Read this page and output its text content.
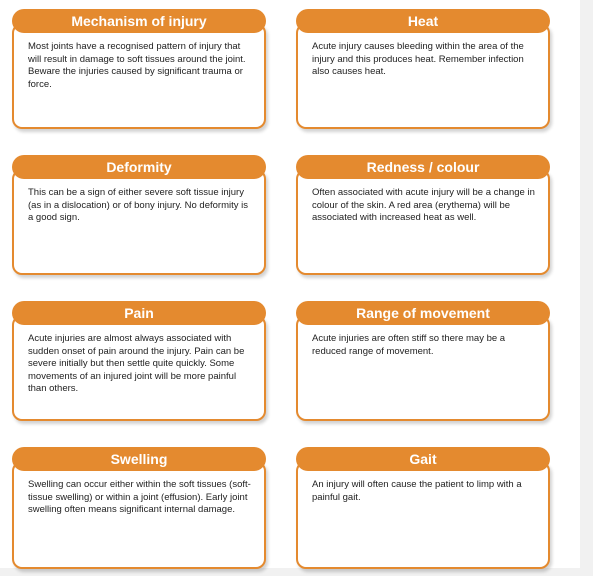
Mechanism of injury
Most joints have a recognised pattern of injury that will result in damage to soft tissues around the joint. Beware the injuries caused by significant trauma or force.
Heat
Acute injury causes bleeding within the area of the injury and this produces heat. Remember infection also causes heat.
Deformity
This can be a sign of either severe soft tissue injury (as in a dislocation) or of bony injury. No deformity is a good sign.
Redness / colour
Often associated with acute injury will be a change in colour of the skin. A red area (erythema) will be associated with increased heat as well.
Pain
Acute injuries are almost always associated with sudden onset of pain around the injury. Pain can be severe initially but then settle quite quickly. Some movements of an injured joint will be more painful than others.
Range of movement
Acute injuries are often stiff so there may be a reduced range of movement.
Swelling
Swelling can occur either within the soft tissues (soft-tissue swelling) or within a joint (effusion). Early joint swelling often means significant internal damage.
Gait
An injury will often cause the patient to limp with a painful gait.
